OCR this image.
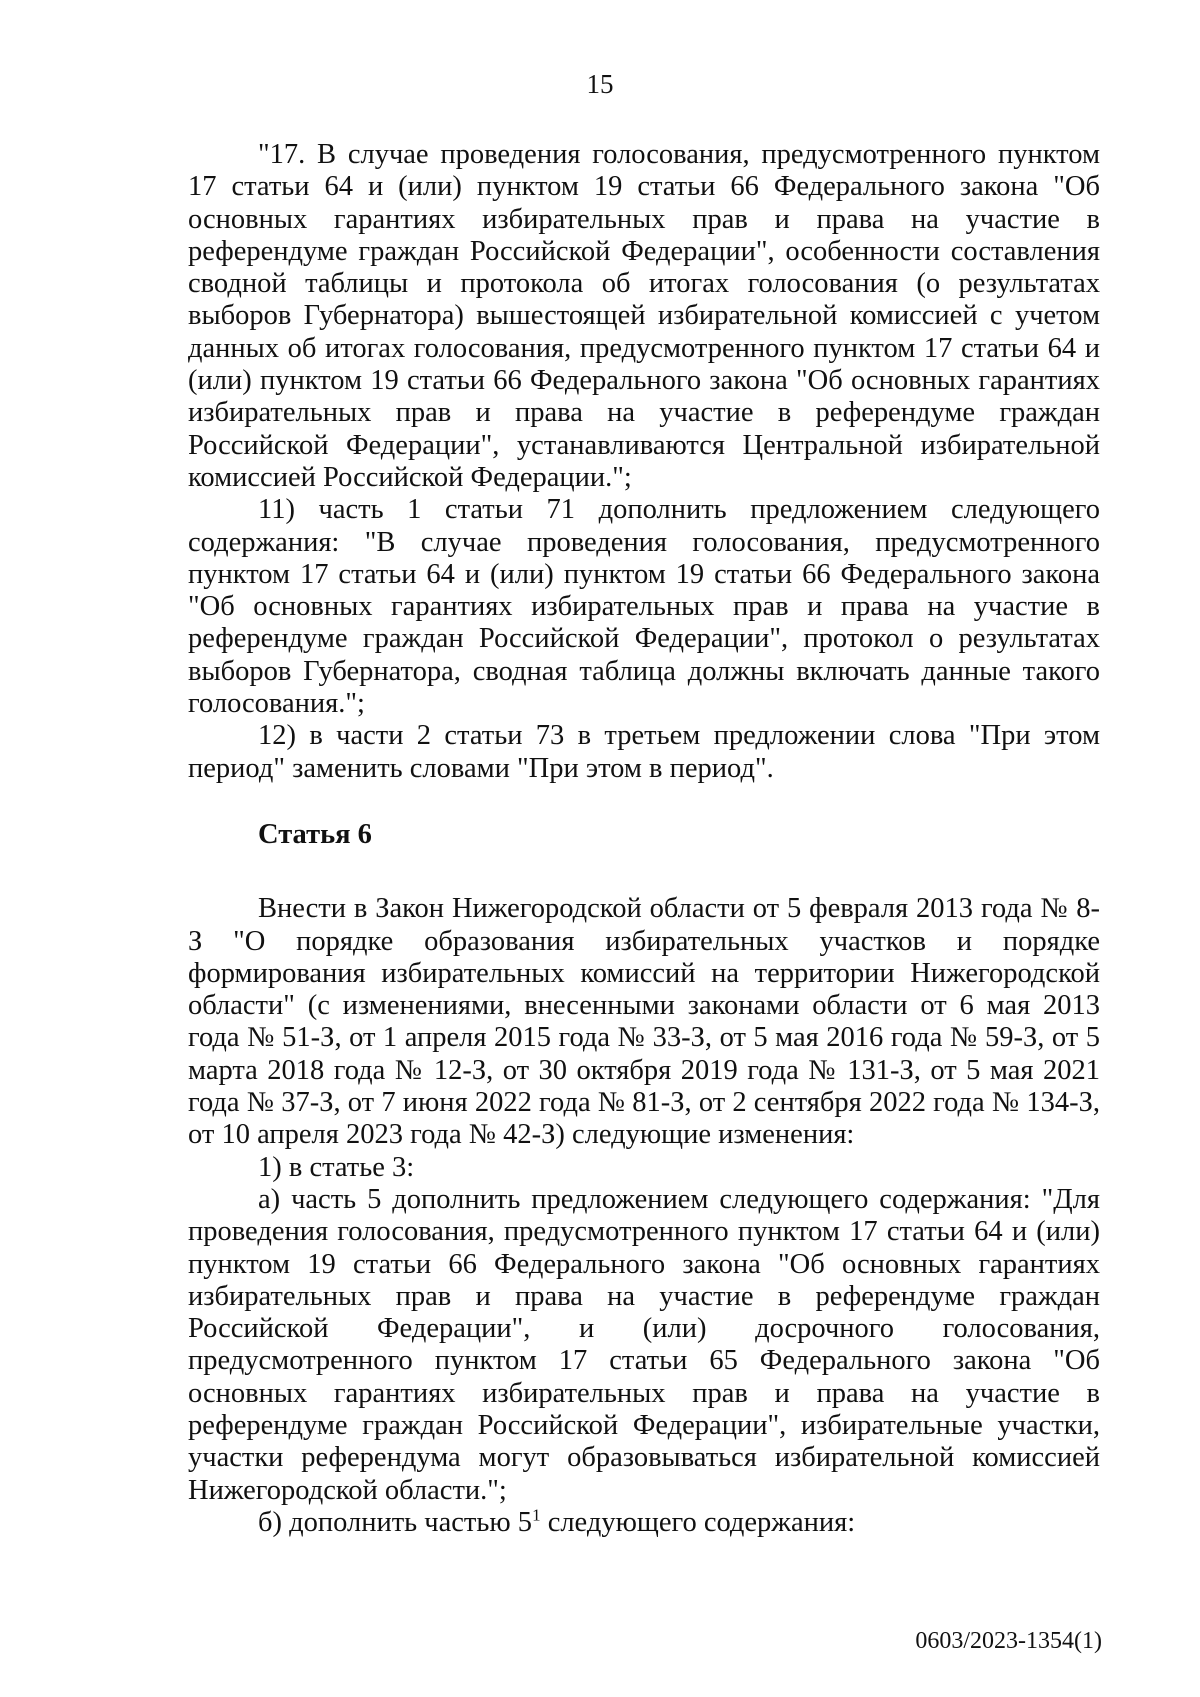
15

"17. В случае проведения голосования, предусмотренного пунктом 17 статьи 64 и (или) пунктом 19 статьи 66 Федерального закона "Об основных гарантиях избирательных прав и права на участие в референдуме граждан Российской Федерации", особенности составления сводной таблицы и протокола об итогах голосования (о результатах выборов Губернатора) вышестоящей избирательной комиссией с учетом данных об итогах голосования, предусмотренного пунктом 17 статьи 64 и (или) пунктом 19 статьи 66 Федерального закона "Об основных гарантиях избирательных прав и права на участие в референдуме граждан Российской Федерации", устанавливаются Центральной избирательной комиссией Российской Федерации.";

11) часть 1 статьи 71 дополнить предложением следующего содержания: "В случае проведения голосования, предусмотренного пунктом 17 статьи 64 и (или) пунктом 19 статьи 66 Федерального закона "Об основных гарантиях избирательных прав и права на участие в референдуме граждан Российской Федерации", протокол о результатах выборов Губернатора, сводная таблица должны включать данные такого голосования.";

12) в части 2 статьи 73 в третьем предложении слова "При этом период" заменить словами "При этом в период".

Статья 6

Внести в Закон Нижегородской области от 5 февраля 2013 года № 8-З "О порядке образования избирательных участков и порядке формирования избирательных комиссий на территории Нижегородской области" (с изменениями, внесенными законами области от 6 мая 2013 года № 51-З, от 1 апреля 2015 года № 33-З, от 5 мая 2016 года № 59-З, от 5 марта 2018 года № 12-З, от 30 октября 2019 года № 131-З, от 5 мая 2021 года № 37-З, от 7 июня 2022 года № 81-З, от 2 сентября 2022 года № 134-З, от 10 апреля 2023 года № 42-З) следующие изменения:

1) в статье 3:

а) часть 5 дополнить предложением следующего содержания: "Для проведения голосования, предусмотренного пунктом 17 статьи 64 и (или) пунктом 19 статьи 66 Федерального закона "Об основных гарантиях избирательных прав и права на участие в референдуме граждан Российской Федерации", и (или) досрочного голосования, предусмотренного пунктом 17 статьи 65 Федерального закона "Об основных гарантиях избирательных прав и права на участие в референдуме граждан Российской Федерации", избирательные участки, участки референдума могут образовываться избирательной комиссией Нижегородской области.";

б) дополнить частью $5^1$ следующего содержания:

0603/2023-1354(1)
